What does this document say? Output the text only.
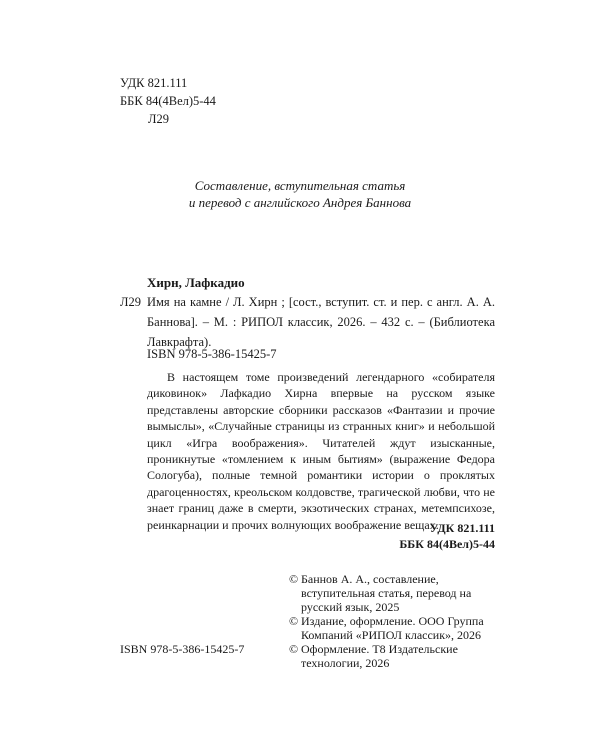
УДК 821.111
ББК 84(4Вел)5-44
Л29
Составление, вступительная статья
и перевод с английского Андрея Баннова
Хирн, Лафкадио
Л29 Имя на камне / Л. Хирн ; [сост., вступит. ст. и пер. с англ. А. А. Баннова]. – М. : РИПОЛ классик, 2026. – 432 с. – (Библиотека Лавкрафта).
ISBN 978-5-386-15425-7
В настоящем томе произведений легендарного «собирателя диковинок» Лафкадио Хирна впервые на русском языке представлены авторские сборники рассказов «Фантазии и прочие вымыслы», «Случайные страницы из странных книг» и небольшой цикл «Игра воображения». Читателей ждут изысканные, проникнутые «томлением к иным бытиям» (выражение Федора Сологуба), полные темной романтики истории о проклятых драгоценностях, креольском колдовстве, трагической любви, что не знает границ даже в смерти, экзотических странах, метемпсихозе, реинкарнации и прочих волнующих воображение вещах.
УДК 821.111
ББК 84(4Вел)5-44
© Баннов А. А., составление, вступительная статья, перевод на русский язык, 2025
© Издание, оформление. ООО Группа Компаний «РИПОЛ классик», 2026
© Оформление. Т8 Издательские технологии, 2026
ISBN 978-5-386-15425-7
